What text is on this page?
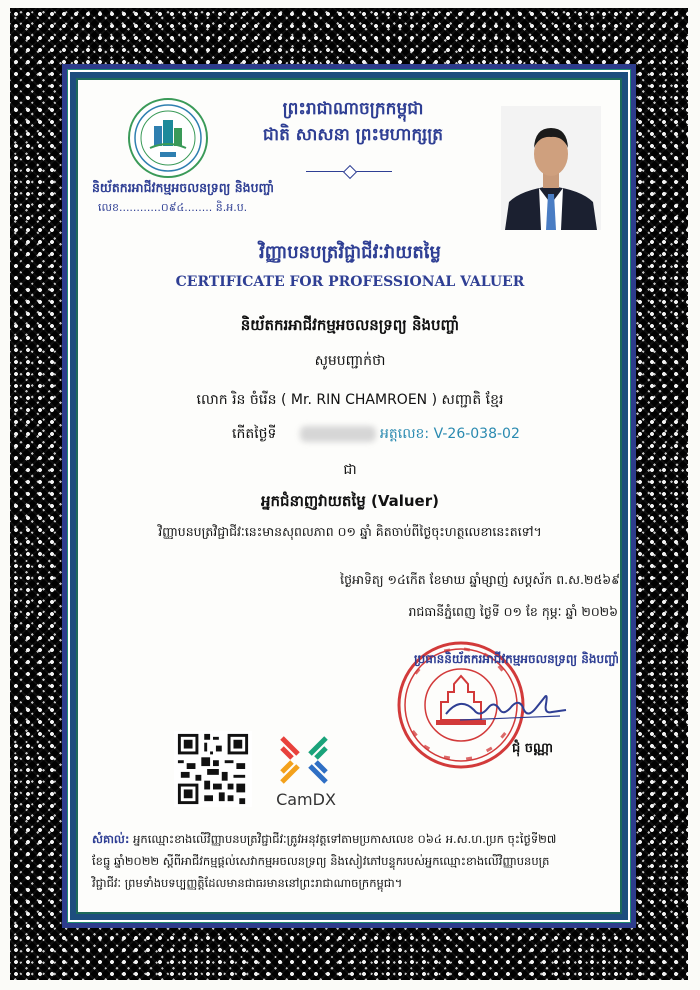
ព្រះរាជាណាចក្រកម្ពុជា
ជាតិ សាសនា ព្រះមហាក្សត្រ
និយ័តករអាជីវកម្មអចលនទ្រព្យ និងបញ្ចាំ
លេខ............០៩៤........ និ.អ.ប.
វិញ្ញាបនបត្រវិជ្ជាជីវៈវាយតម្លៃ
CERTIFICATE FOR PROFESSIONAL VALUER
និយ័តករអាជីវកម្មអចលនទ្រព្យ និងបញ្ចាំ
សូមបញ្ជាក់ថា
លោក រិន ចំរើន ( Mr. RIN CHAMROEN ) សញ្ជាតិ ខ្មែរ
កើតថ្ងៃទី	អត្តលេខ: V-26-038-02
ជា
អ្នកជំនាញវាយតម្លៃ (Valuer)
វិញ្ញាបនបត្រវិជ្ជាជីវៈនេះមានសុពលភាព ០១ ឆ្នាំ គិតចាប់ពីថ្ងៃចុះហត្ថលេខានេះតទៅ។
ថ្ងៃអាទិត្យ ១៤កើត ខែមាឃ ឆ្នាំម្សាញ់ សប្តស័ក ព.ស.២៥៦៩
រាជធានីភ្នំពេញ ថ្ងៃទី ០១ ខែ កុម្ភៈ ឆ្នាំ ២០២៦
ប្រធាននិយ័តករអាជីវកម្មអចលនទ្រព្យ និងបញ្ចាំ
ជុំ ចណ្ណា
CamDX
សំគាល់: អ្នកឈ្មោះខាងលើវិញ្ញាបនបត្រវិជ្ជាជីវៈត្រូវអនុវត្តទៅតាមប្រកាសលេខ ០៦៤ អ.ស.ហ.ប្រក ចុះថ្ងៃទី២៧
ខែធ្នូ ឆ្នាំ២០២២ ស្តីពីអាជីវកម្មផ្តល់សេវាកម្មអចលនទ្រព្យ និងសៀវភៅបន្ទុករបស់អ្នកឈ្មោះខាងលើវិញ្ញាបនបត្រ
វិជ្ជាជីវៈ ព្រមទាំងបទប្បញ្ញត្តិដែលមានជាធរមាននៅព្រះរាជាណាចក្រកម្ពុជា។
